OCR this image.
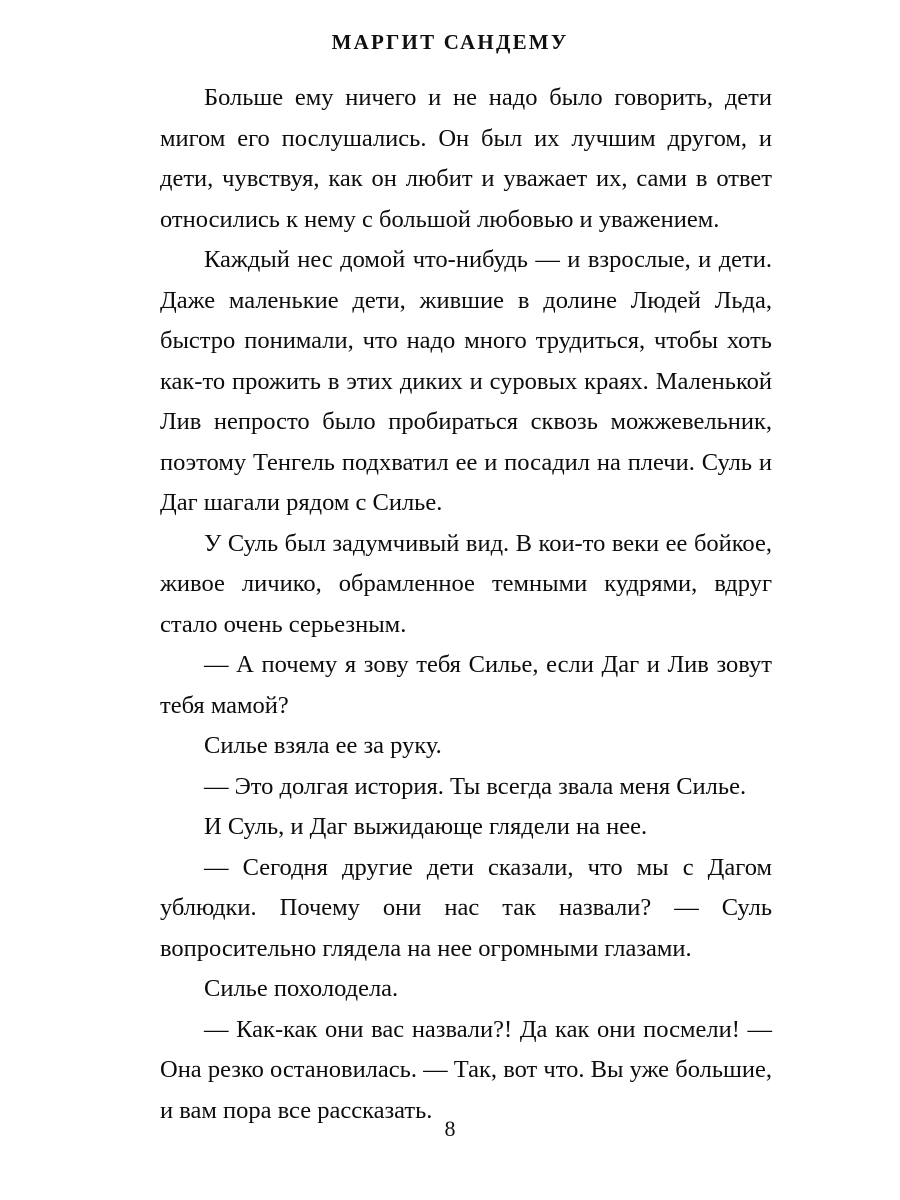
МАРГИТ САНДЕМУ

Больше ему ничего и не надо было говорить, дети мигом его послушались. Он был их лучшим другом, и дети, чувствуя, как он любит и уважает их, сами в ответ относились к нему с большой любовью и уважением.

Каждый нес домой что-нибудь — и взрослые, и дети. Даже маленькие дети, жившие в долине Людей Льда, быстро понимали, что надо много трудиться, чтобы хоть как-то прожить в этих диких и суровых краях. Маленькой Лив непросто было пробираться сквозь можжевельник, поэтому Тенгель подхватил ее и посадил на плечи. Суль и Даг шагали рядом с Силье.

У Суль был задумчивый вид. В кои-то веки ее бойкое, живое личико, обрамленное темными кудрями, вдруг стало очень серьезным.

— А почему я зову тебя Силье, если Даг и Лив зовут тебя мамой?

Силье взяла ее за руку.

— Это долгая история. Ты всегда звала меня Силье.

И Суль, и Даг выжидающе глядели на нее.

— Сегодня другие дети сказали, что мы с Дагом ублюдки. Почему они нас так назвали? — Суль вопросительно глядела на нее огромными глазами.

Силье похолодела.

— Как-как они вас назвали?! Да как они посмели! — Она резко остановилась. — Так, вот что. Вы уже большие, и вам пора все рассказать.

8
